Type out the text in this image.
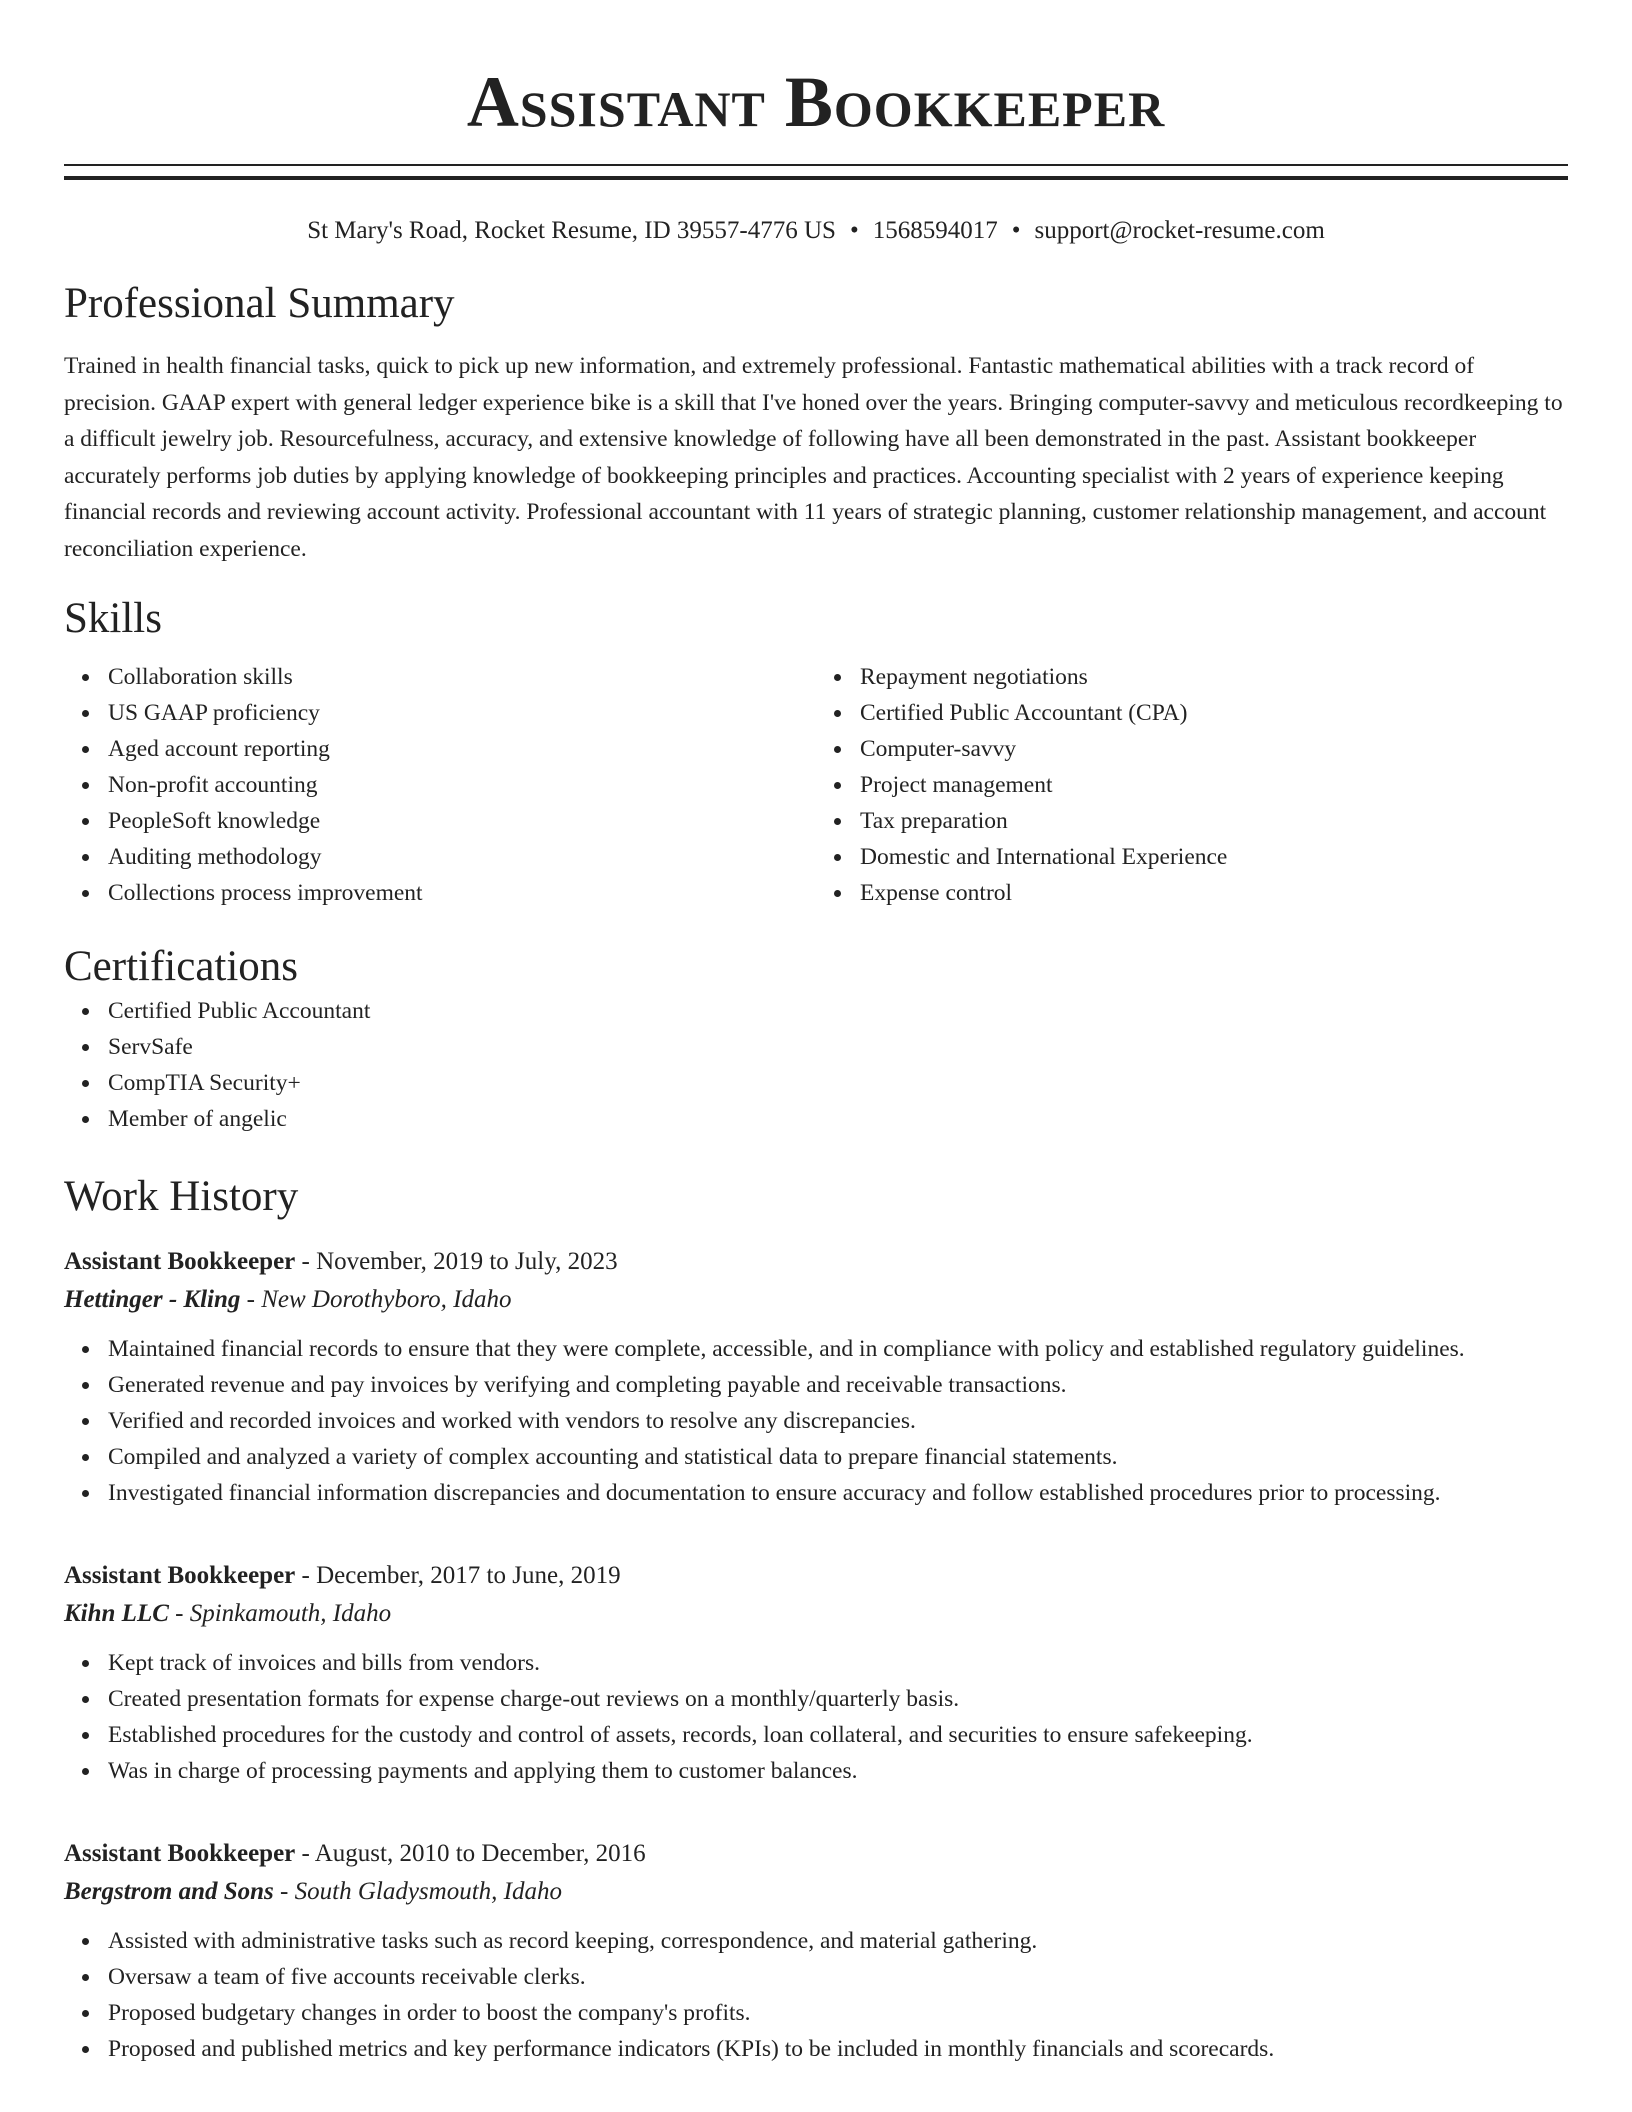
Assistant Bookkeeper
St Mary's Road, Rocket Resume, ID 39557-4776 US • 1568594017 • support@rocket-resume.com
Professional Summary

Trained in health financial tasks, quick to pick up new information, and extremely professional. Fantastic mathematical abilities with a track record of precision. GAAP expert with general ledger experience bike is a skill that I've honed over the years. Bringing computer-savvy and meticulous recordkeeping to a difficult jewelry job. Resourcefulness, accuracy, and extensive knowledge of following have all been demonstrated in the past. Assistant bookkeeper accurately performs job duties by applying knowledge of bookkeeping principles and practices. Accounting specialist with 2 years of experience keeping financial records and reviewing account activity. Professional accountant with 11 years of strategic planning, customer relationship management, and account reconciliation experience.

Skills
Collaboration skills
US GAAP proficiency
Aged account reporting
Non-profit accounting
PeopleSoft knowledge
Auditing methodology
Collections process improvement
Repayment negotiations
Certified Public Accountant (CPA)
Computer-savvy
Project management
Tax preparation
Domestic and International Experience
Expense control
Certifications
Certified Public Accountant
ServSafe
CompTIA Security+
Member of angelic
Work History
Assistant Bookkeeper - November, 2019 to July, 2023
Hettinger - Kling - New Dorothyboro, Idaho
Maintained financial records to ensure that they were complete, accessible, and in compliance with policy and established regulatory guidelines.
Generated revenue and pay invoices by verifying and completing payable and receivable transactions.
Verified and recorded invoices and worked with vendors to resolve any discrepancies.
Compiled and analyzed a variety of complex accounting and statistical data to prepare financial statements.
Investigated financial information discrepancies and documentation to ensure accuracy and follow established procedures prior to processing.
Assistant Bookkeeper - December, 2017 to June, 2019
Kihn LLC - Spinkamouth, Idaho
Kept track of invoices and bills from vendors.
Created presentation formats for expense charge-out reviews on a monthly/quarterly basis.
Established procedures for the custody and control of assets, records, loan collateral, and securities to ensure safekeeping.
Was in charge of processing payments and applying them to customer balances.
Assistant Bookkeeper - August, 2010 to December, 2016
Bergstrom and Sons - South Gladysmouth, Idaho
Assisted with administrative tasks such as record keeping, correspondence, and material gathering.
Oversaw a team of five accounts receivable clerks.
Proposed budgetary changes in order to boost the company's profits.
Proposed and published metrics and key performance indicators (KPIs) to be included in monthly financials and scorecards.
